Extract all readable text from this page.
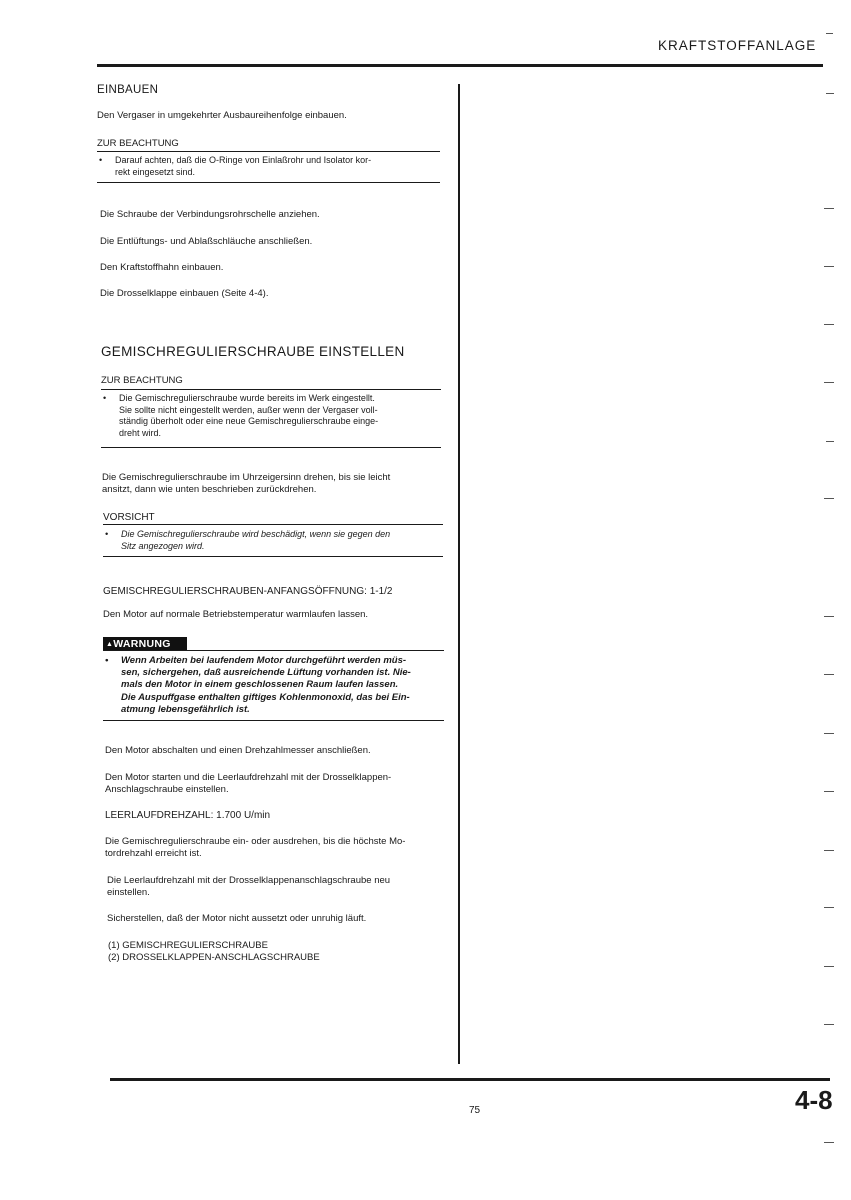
KRAFTSTOFFANLAGE
EINBAUEN
Den Vergaser in umgekehrter Ausbaureihenfolge einbauen.
ZUR BEACHTUNG
• Darauf achten, daß die O-Ringe von Einlaßrohr und Isolator kor-
rekt eingesetzt sind.
Die Schraube der Verbindungsrohrschelle anziehen.
Die Entlüftungs- und Ablaßschläuche anschließen.
Den Kraftstoffhahn einbauen.
Die Drosselklappe einbauen (Seite 4-4).
GEMISCHREGULIERSCHRAUBE EINSTELLEN
ZUR BEACHTUNG
• Die Gemischregulierschraube wurde bereits im Werk eingestellt.
Sie sollte nicht eingestellt werden, außer wenn der Vergaser voll-
ständig überholt oder eine neue Gemischregulierschraube einge-
dreht wird.
Die Gemischregulierschraube im Uhrzeigersinn drehen, bis sie leicht
ansitzt, dann wie unten beschrieben zurückdrehen.
VORSICHT
• Die Gemischregulierschraube wird beschädigt, wenn sie gegen den
Sitz angezogen wird.
GEMISCHREGULIERSCHRAUBEN-ANFANGSÖFFNUNG: 1-1/2
Den Motor auf normale Betriebstemperatur warmlaufen lassen.
▲WARNUNG
• Wenn Arbeiten bei laufendem Motor durchgeführt werden müs-
sen, sichergehen, daß ausreichende Lüftung vorhanden ist. Nie-
mals den Motor in einem geschlossenen Raum laufen lassen.
Die Auspuffgase enthalten giftiges Kohlenmonoxid, das bei Ein-
atmung lebensgefährlich ist.
Den Motor abschalten und einen Drehzahlmesser anschließen.
Den Motor starten und die Leerlaufdrehzahl mit der Drosselklappen-
Anschlagschraube einstellen.
LEERLAUFDREHZAHL: 1.700 U/min
Die Gemischregulierschraube ein- oder ausdrehen, bis die höchste Mo-
tordrehzahl erreicht ist.
Die Leerlaufdrehzahl mit der Drosselklappenanschlagschraube neu
einstellen.
Sicherstellen, daß der Motor nicht aussetzt oder unruhig läuft.
(1) GEMISCHREGULIERSCHRAUBE
(2) DROSSELKLAPPEN-ANSCHLAGSCHRAUBE
75	4-8
